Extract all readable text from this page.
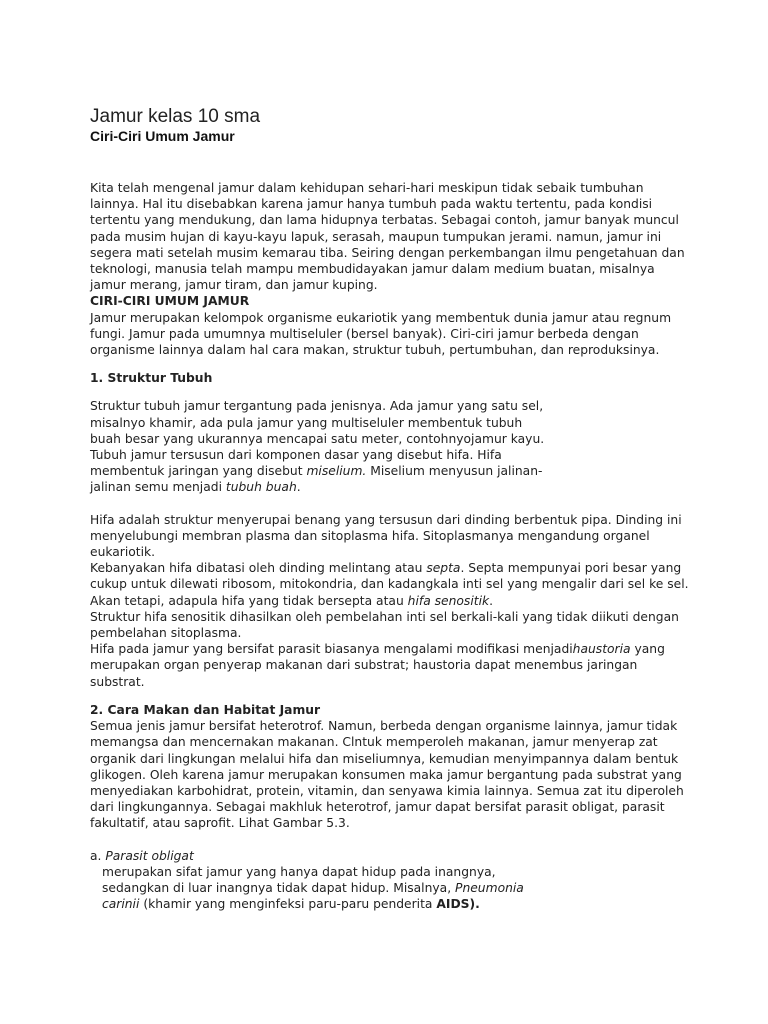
Jamur kelas 10 sma
Ciri-Ciri Umum Jamur

Kita telah mengenal jamur dalam kehidupan sehari-hari meskipun tidak sebaik tumbuhan lainnya. Hal itu disebabkan karena jamur hanya tumbuh pada waktu tertentu, pada kondisi tertentu yang mendukung, dan lama hidupnya terbatas. Sebagai contoh, jamur banyak muncul pada musim hujan di kayu-kayu lapuk, serasah, maupun tumpukan jerami. namun, jamur ini segera mati setelah musim kemarau tiba. Seiring dengan perkembangan ilmu pengetahuan dan teknologi, manusia telah mampu membudidayakan jamur dalam medium buatan, misalnya jamur merang, jamur tiram, dan jamur kuping.

CIRI-CIRI UMUM JAMUR

Jamur merupakan kelompok organisme eukariotik yang membentuk dunia jamur atau regnum fungi. Jamur pada umumnya multiseluler (bersel banyak). Ciri-ciri jamur berbeda dengan organisme lainnya dalam hal cara makan, struktur tubuh, pertumbuhan, dan reproduksinya.

1. Struktur Tubuh

Struktur tubuh jamur tergantung pada jenisnya. Ada jamur yang satu sel, misalnyo khamir, ada pula jamur yang multiseluler membentuk tubuh buah besar yang ukurannya mencapai satu meter, contohnyojamur kayu. Tubuh jamur tersusun dari komponen dasar yang disebut hifa. Hifa membentuk jaringan yang disebut miselium. Miselium menyusun jalinan-jalinan semu menjadi tubuh buah.

Hifa adalah struktur menyerupai benang yang tersusun dari dinding berbentuk pipa. Dinding ini menyelubungi membran plasma dan sitoplasma hifa. Sitoplasmanya mengandung organel eukariotik.

Kebanyakan hifa dibatasi oleh dinding melintang atau septa. Septa mempunyai pori besar yang cukup untuk dilewati ribosom, mitokondria, dan kadangkala inti sel yang mengalir dari sel ke sel. Akan tetapi, adapula hifa yang tidak bersepta atau hifa senositik.

Struktur hifa senositik dihasilkan oleh pembelahan inti sel berkali-kali yang tidak diikuti dengan pembelahan sitoplasma.

Hifa pada jamur yang bersifat parasit biasanya mengalami modifikasi menjadihaustoria yang merupakan organ penyerap makanan dari substrat; haustoria dapat menembus jaringan substrat.

2. Cara Makan dan Habitat Jamur

Semua jenis jamur bersifat heterotrof. Namun, berbeda dengan organisme lainnya, jamur tidak memangsa dan mencernakan makanan. Clntuk memperoleh makanan, jamur menyerap zat organik dari lingkungan melalui hifa dan miseliumnya, kemudian menyimpannya dalam bentuk glikogen. Oleh karena jamur merupakan konsumen maka jamur bergantung pada substrat yang menyediakan karbohidrat, protein, vitamin, dan senyawa kimia lainnya. Semua zat itu diperoleh dari lingkungannya. Sebagai makhluk heterotrof, jamur dapat bersifat parasit obligat, parasit fakultatif, atau saprofit. Lihat Gambar 5.3.

a. Parasit obligat

merupakan sifat jamur yang hanya dapat hidup pada inangnya,

sedangkan di luar inangnya tidak dapat hidup. Misalnya, Pneumonia

carinii (khamir yang menginfeksi paru-paru penderita AIDS).
